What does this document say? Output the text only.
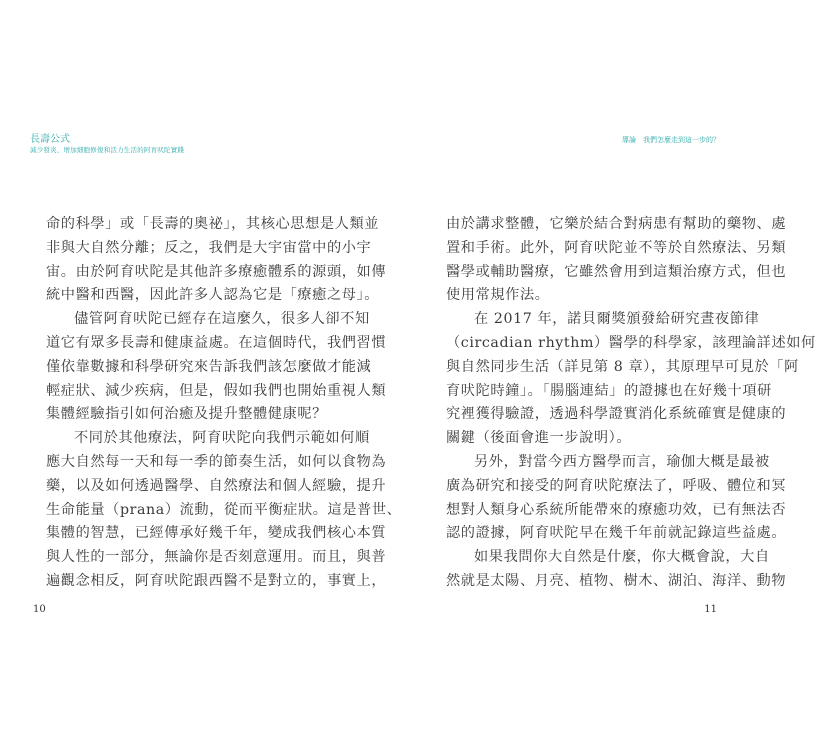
長壽公式
減少發炎、增加細胞修復和活力生活的阿育吠陀實踐
命的科學」或「長壽的奧祕」，其核心思想是人類並
非與大自然分離；反之，我們是大宇宙當中的小宇
宙。由於阿育吠陀是其他許多療癒體系的源頭，如傳
統中醫和西醫，因此許多人認為它是「療癒之母」。
儘管阿育吠陀已經存在這麼久，很多人卻不知
道它有眾多長壽和健康益處。在這個時代，我們習慣
僅依靠數據和科學研究來告訴我們該怎麼做才能減
輕症狀、減少疾病，但是，假如我們也開始重視人類
集體經驗指引如何治癒及提升整體健康呢？
不同於其他療法，阿育吠陀向我們示範如何順
應大自然每一天和每一季的節奏生活，如何以食物為
藥，以及如何透過醫學、自然療法和個人經驗，提升
生命能量（prana）流動，從而平衡症狀。這是普世、
集體的智慧，已經傳承好幾千年，變成我們核心本質
與人性的一部分，無論你是否刻意運用。而且，與普
遍觀念相反，阿育吠陀跟西醫不是對立的，事實上，
10
導論　我們怎麼走到這一步的？
由於講求整體，它樂於結合對病患有幫助的藥物、處
置和手術。此外，阿育吠陀並不等於自然療法、另類
醫學或輔助醫療，它雖然會用到這類治療方式，但也
使用常規作法。
在 2017 年，諾貝爾獎頒發給研究晝夜節律
（circadian rhythm）醫學的科學家，該理論詳述如何
與自然同步生活（詳見第 8 章），其原理早可見於「阿
育吠陀時鐘」。「腸腦連結」的證據也在好幾十項研
究裡獲得驗證，透過科學證實消化系統確實是健康的
關鍵（後面會進一步說明）。
另外，對當今西方醫學而言，瑜伽大概是最被
廣為研究和接受的阿育吠陀療法了，呼吸、體位和冥
想對人類身心系統所能帶來的療癒功效，已有無法否
認的證據，阿育吠陀早在幾千年前就記錄這些益處。
如果我問你大自然是什麼，你大概會說，大自
然就是太陽、月亮、植物、樹木、湖泊、海洋、動物
11
